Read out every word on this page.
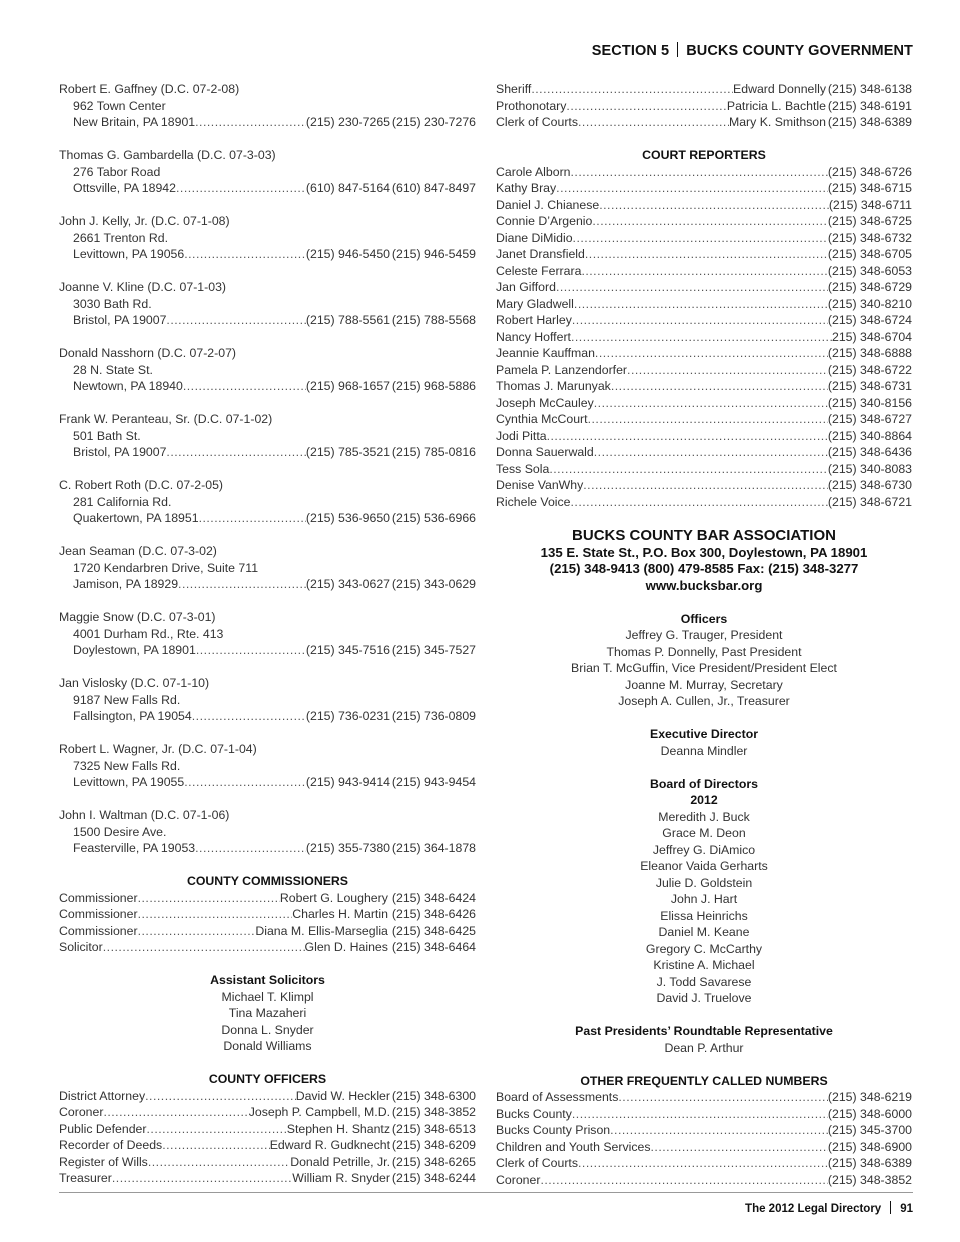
SECTION 5 BUCKS COUNTY GOVERNMENT
Robert E. Gaffney (D.C. 07-2-08)
962 Town Center
New Britain, PA 18901 .....	(215) 230-7265 (215) 230-7276
Thomas G. Gambardella (D.C. 07-3-03)
276 Tabor Road
Ottsville, PA 18942 .....	(610) 847-5164 (610) 847-8497
John J. Kelly, Jr. (D.C. 07-1-08)
2661 Trenton Rd.
Levittown, PA 19056 .....	(215) 946-5450 (215) 946-5459
Joanne V. Kline (D.C. 07-1-03)
3030 Bath Rd.
Bristol, PA 19007 .....	(215) 788-5561 (215) 788-5568
Donald Nasshorn (D.C. 07-2-07)
28 N. State St.
Newtown, PA 18940 .....	(215) 968-1657 (215) 968-5886
Frank W. Peranteau, Sr. (D.C. 07-1-02)
501 Bath St.
Bristol, PA 19007 .....	(215) 785-3521 (215) 785-0816
C. Robert Roth (D.C. 07-2-05)
281 California Rd.
Quakertown, PA 18951 .....	(215) 536-9650 (215) 536-6966
Jean Seaman (D.C. 07-3-02)
1720 Kendarbren Drive, Suite 711
Jamison, PA 18929 .....	(215) 343-0627 (215) 343-0629
Maggie Snow (D.C. 07-3-01)
4001 Durham Rd., Rte. 413
Doylestown, PA 18901 .....	(215) 345-7516 (215) 345-7527
Jan Vislosky (D.C. 07-1-10)
9187 New Falls Rd.
Fallsington, PA 19054 .....	(215) 736-0231 (215) 736-0809
Robert L. Wagner, Jr. (D.C. 07-1-04)
7325 New Falls Rd.
Levittown, PA 19055 .....	(215) 943-9414 (215) 943-9454
John I. Waltman (D.C. 07-1-06)
1500 Desire Ave.
Feasterville, PA 19053 .....	(215) 355-7380 (215) 364-1878
COUNTY COMMISSIONERS
Commissioner .....	Robert G. Loughery (215) 348-6424
Commissioner .....	Charles H. Martin (215) 348-6426
Commissioner .....	Diana M. Ellis-Marseglia (215) 348-6425
Solicitor .....	Glen D. Haines (215) 348-6464
Assistant Solicitors
Michael T. Klimpl
Tina Mazaheri
Donna L. Snyder
Donald Williams
COUNTY OFFICERS
District Attorney .....	David W. Heckler (215) 348-6300
Coroner .....	Joseph P. Campbell, M.D. (215) 348-3852
Public Defender .....	Stephen H. Shantz (215) 348-6513
Recorder of Deeds .....	Edward R. Gudknecht (215) 348-6209
Register of Wills .....	Donald Petrille, Jr. (215) 348-6265
Treasurer .....	William R. Snyder (215) 348-6244
Sheriff .....	Edward Donnelly (215) 348-6138
Prothonotary .....	Patricia L. Bachtle (215) 348-6191
Clerk of Courts .....	Mary K. Smithson (215) 348-6389
COURT REPORTERS
Carole Alborn .....	(215) 348-6726
Kathy Bray .....	(215) 348-6715
Daniel J. Chianese .....	(215) 348-6711
Connie D’Argenio .....	(215) 348-6725
Diane DiMidio .....	(215) 348-6732
Janet Dransfield .....	(215) 348-6705
Celeste Ferrara .....	(215) 348-6053
Jan Gifford .....	(215) 348-6729
Mary Gladwell .....	(215) 340-8210
Robert Harley .....	(215) 348-6724
Nancy Hoffert .....	215) 348-6704
Jeannie Kauffman .....	(215) 348-6888
Pamela P. Lanzendorfer .....	(215) 348-6722
Thomas J. Marunyak .....	(215) 348-6731
Joseph McCauley .....	(215) 340-8156
Cynthia McCourt .....	(215) 348-6727
Jodi Pitta .....	(215) 340-8864
Donna Sauerwald .....	(215) 348-6436
Tess Sola .....	(215) 340-8083
Denise VanWhy .....	(215) 348-6730
Richele Voice .....	(215) 348-6721
BUCKS COUNTY BAR ASSOCIATION
135 E. State St., P.O. Box 300, Doylestown, PA 18901
(215) 348-9413 (800) 479-8585 Fax: (215) 348-3277
www.bucksbar.org
Officers
Jeffrey G. Trauger, President
Thomas P. Donnelly, Past President
Brian T. McGuffin, Vice President/President Elect
Joanne M. Murray, Secretary
Joseph A. Cullen, Jr., Treasurer
Executive Director
Deanna Mindler
Board of Directors
2012
Meredith J. Buck
Grace M. Deon
Jeffrey G. DiAmico
Eleanor Vaida Gerharts
Julie D. Goldstein
John J. Hart
Elissa Heinrichs
Daniel M. Keane
Gregory C. McCarthy
Kristine A. Michael
J. Todd Savarese
David J. Truelove
Past Presidents’ Roundtable Representative
Dean P. Arthur
OTHER FREQUENTLY CALLED NUMBERS
Board of Assessments .....	(215) 348-6219
Bucks County .....	(215) 348-6000
Bucks County Prison .....	(215) 345-3700
Children and Youth Services .....	(215) 348-6900
Clerk of Courts .....	(215) 348-6389
Coroner .....	(215) 348-3852
The 2012 Legal Directory 91
